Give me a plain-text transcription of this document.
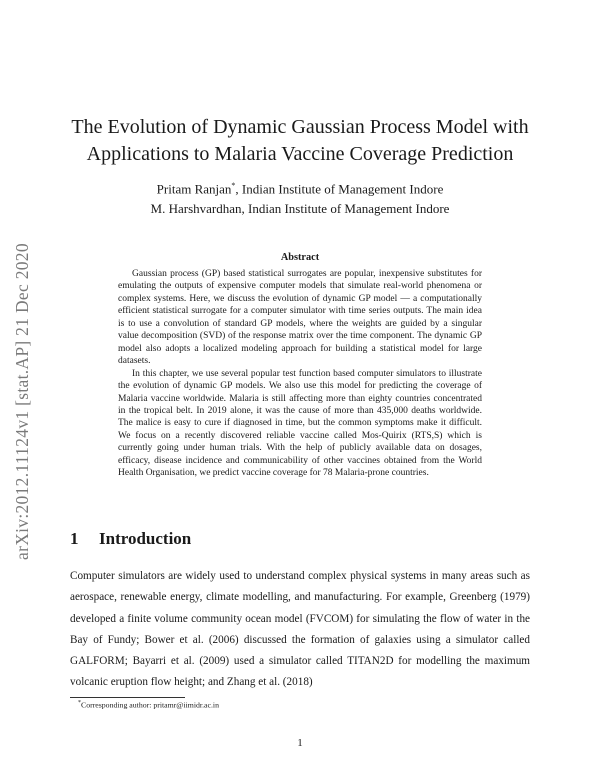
arXiv:2012.11124v1 [stat.AP] 21 Dec 2020
The Evolution of Dynamic Gaussian Process Model with
Applications to Malaria Vaccine Coverage Prediction
Pritam Ranjan*, Indian Institute of Management Indore
M. Harshvardhan, Indian Institute of Management Indore
Abstract

Gaussian process (GP) based statistical surrogates are popular, inexpensive substitutes for emulating the outputs of expensive computer models that simulate real-world phenomena or complex systems. Here, we discuss the evolution of dynamic GP model — a computationally efficient statistical surrogate for a computer simulator with time series outputs. The main idea is to use a convolution of standard GP models, where the weights are guided by a singular value decomposition (SVD) of the response matrix over the time component. The dynamic GP model also adopts a localized modeling approach for building a statistical model for large datasets.

In this chapter, we use several popular test function based computer simulators to illustrate the evolution of dynamic GP models. We also use this model for predicting the coverage of Malaria vaccine worldwide. Malaria is still affecting more than eighty countries concentrated in the tropical belt. In 2019 alone, it was the cause of more than 435,000 deaths worldwide. The malice is easy to cure if diagnosed in time, but the common symptoms make it difficult. We focus on a recently discovered reliable vaccine called Mos-Quirix (RTS,S) which is currently going under human trials. With the help of publicly available data on dosages, efficacy, disease incidence and communicability of other vaccines obtained from the World Health Organisation, we predict vaccine coverage for 78 Malaria-prone countries.

1 Introduction

Computer simulators are widely used to understand complex physical systems in many areas such as aerospace, renewable energy, climate modelling, and manufacturing. For example, Greenberg (1979) developed a finite volume community ocean model (FVCOM) for simulating the flow of water in the Bay of Fundy; Bower et al. (2006) discussed the formation of galaxies using a simulator called GALFORM; Bayarri et al. (2009) used a simulator called TITAN2D for modelling the maximum volcanic eruption flow height; and Zhang et al. (2018)

*Corresponding author: pritamr@iimidr.ac.in
1
